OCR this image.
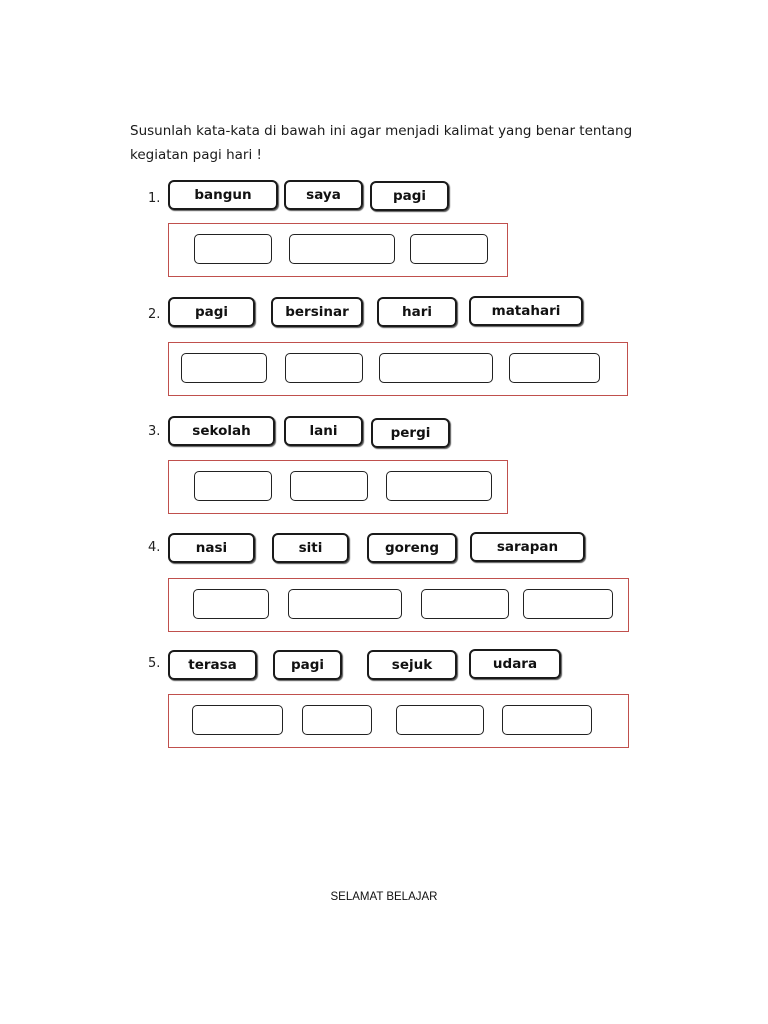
Susunlah kata-kata di bawah ini agar menjadi kalimat yang benar tentang kegiatan pagi hari !
1.	bangun	saya	pagi
2.	pagi	bersinar	hari	matahari
3.	sekolah	lani	pergi
4.	nasi	siti	goreng	sarapan
5.	terasa	pagi	sejuk	udara
SELAMAT BELAJAR
